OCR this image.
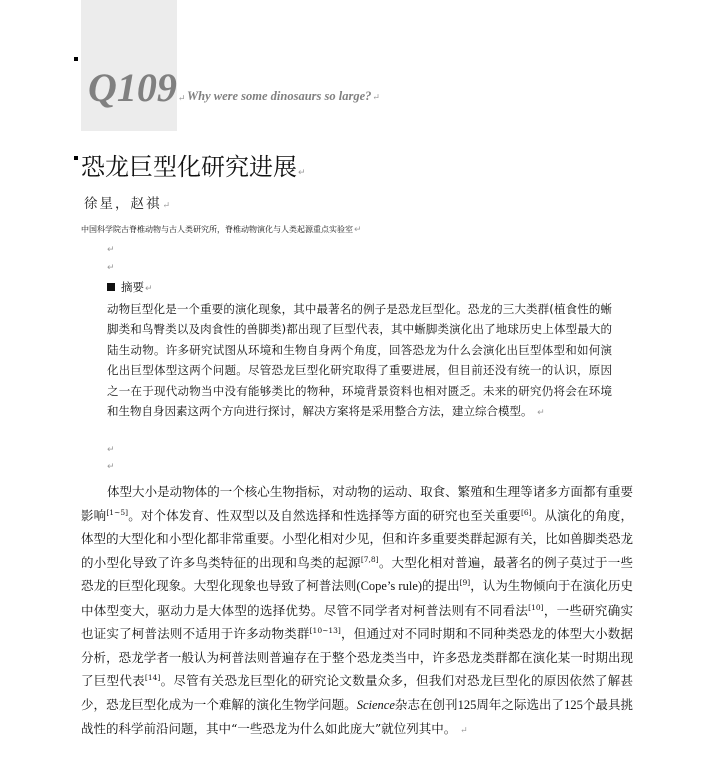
Q109↵ Why were some dinosaurs so large?↵
恐龙巨型化研究进展↵
徐星，赵祺↵
中国科学院古脊椎动物与古人类研究所，脊椎动物演化与人类起源重点实验室↵
↵
↵
摘要↵
动物巨型化是一个重要的演化现象，其中最著名的例子是恐龙巨型化。恐龙的三大类群(植食性的蜥脚类和鸟臀类以及肉食性的兽脚类)都出现了巨型代表，其中蜥脚类演化出了地球历史上体型最大的陆生动物。许多研究试图从环境和生物自身两个角度，回答恐龙为什么会演化出巨型体型和如何演化出巨型体型这两个问题。尽管恐龙巨型化研究取得了重要进展，但目前还没有统一的认识，原因之一在于现代动物当中没有能够类比的物种，环境背景资料也相对匮乏。未来的研究仍将会在环境和生物自身因素这两个方向进行探讨，解决方案将是采用整合方法，建立综合模型。 ↵
↵
↵
体型大小是动物体的一个核心生物指标，对动物的运动、取食、繁殖和生理等诸多方面都有重要影响[1~5]。对个体发育、性双型以及自然选择和性选择等方面的研究也至关重要[6]。从演化的角度，体型的大型化和小型化都非常重要。小型化相对少见，但和许多重要类群起源有关，比如兽脚类恐龙的小型化导致了许多鸟类特征的出现和鸟类的起源[7,8]。大型化相对普遍，最著名的例子莫过于一些恐龙的巨型化现象。大型化现象也导致了柯普法则(Cope’s rule)的提出[9]，认为生物倾向于在演化历史中体型变大，驱动力是大体型的选择优势。尽管不同学者对柯普法则有不同看法[10]，一些研究确实也证实了柯普法则不适用于许多动物类群[10~13]，但通过对不同时期和不同种类恐龙的体型大小数据分析，恐龙学者一般认为柯普法则普遍存在于整个恐龙类当中，许多恐龙类群都在演化某一时期出现了巨型代表[14]。尽管有关恐龙巨型化的研究论文数量众多，但我们对恐龙巨型化的原因依然了解甚少，恐龙巨型化成为一个难解的演化生物学问题。Science杂志在创刊125周年之际选出了125个最具挑战性的科学前沿问题，其中“一些恐龙为什么如此庞大”就位列其中。 ↵
